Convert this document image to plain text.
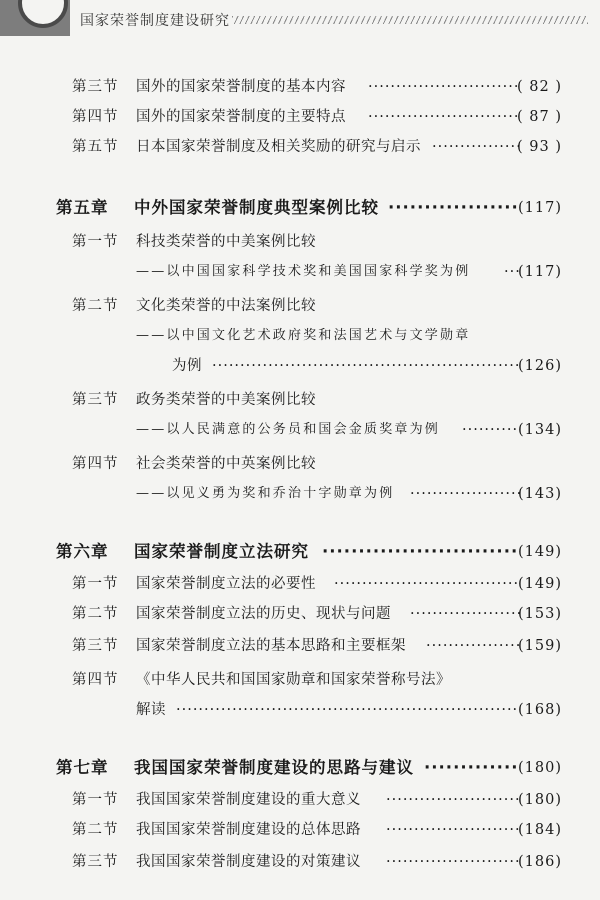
国家荣誉制度建设研究
第三节 国外的国家荣誉制度的基本内容 ·····	( 82 )
第四节 国外的国家荣誉制度的主要特点 ·····	( 87 )
第五节 日本国家荣誉制度及相关奖励的研究与启示 ·····	( 93 )
第五章 中外国家荣誉制度典型案例比较 ·····	(117)
第一节 科技类荣誉的中美案例比较
——以中国国家科学技术奖和美国国家科学奖为例 ·····	(117)
第二节 文化类荣誉的中法案例比较
——以中国文化艺术政府奖和法国艺术与文学勋章
为例 ·····	(126)
第三节 政务类荣誉的中美案例比较
——以人民满意的公务员和国会金质奖章为例 ·····	(134)
第四节 社会类荣誉的中英案例比较
——以见义勇为奖和乔治十字勋章为例 ·····	(143)
第六章 国家荣誉制度立法研究 ·····	(149)
第一节 国家荣誉制度立法的必要性 ·····	(149)
第二节 国家荣誉制度立法的历史、现状与问题 ·····	(153)
第三节 国家荣誉制度立法的基本思路和主要框架 ·····	(159)
第四节 《中华人民共和国国家勋章和国家荣誉称号法》
解读 ·····	(168)
第七章 我国国家荣誉制度建设的思路与建议 ·····	(180)
第一节 我国国家荣誉制度建设的重大意义 ·····	(180)
第二节 我国国家荣誉制度建设的总体思路 ·····	(184)
第三节 我国国家荣誉制度建设的对策建议 ·····	(186)
